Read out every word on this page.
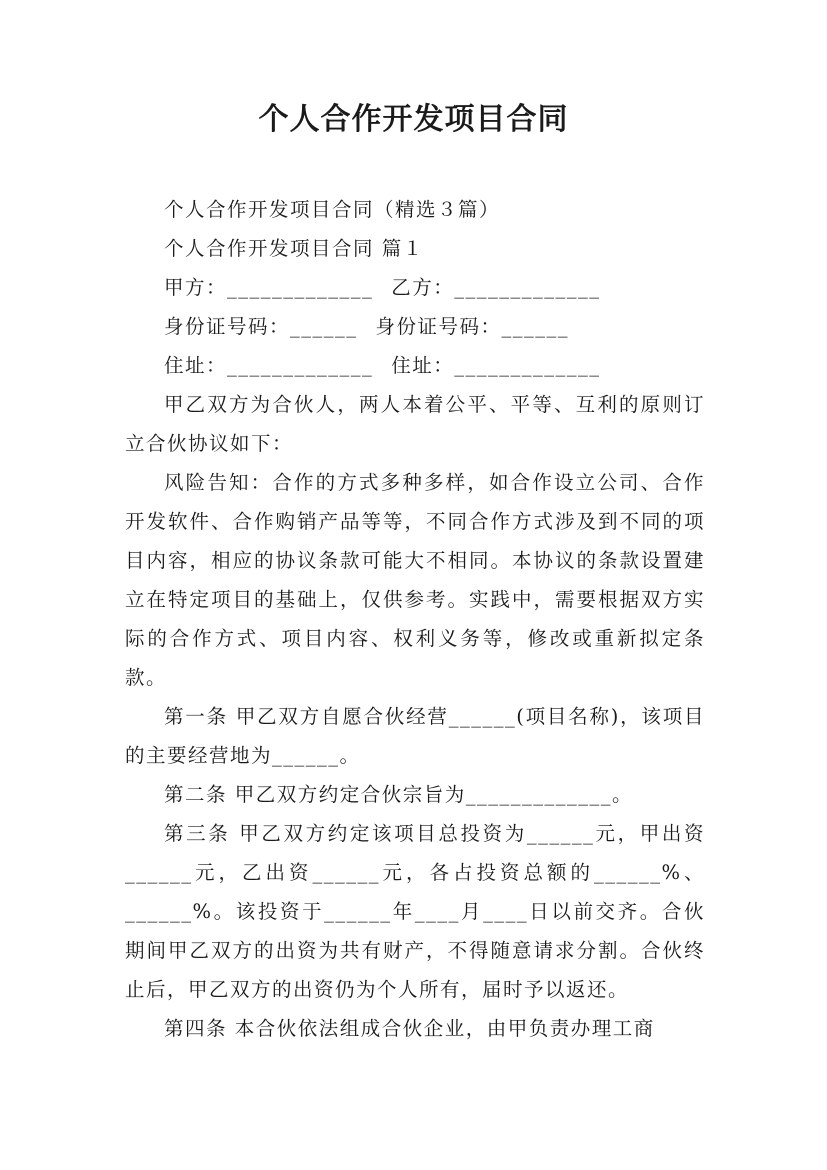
个人合作开发项目合同

个人合作开发项目合同（精选３篇）

个人合作开发项目合同 篇１

甲方：_____________ 乙方：_____________

身份证号码：______ 身份证号码：______

住址：_____________ 住址：_____________

甲乙双方为合伙人，两人本着公平、平等、互利的原则订立合伙协议如下：

风险告知：合作的方式多种多样，如合作设立公司、合作开发软件、合作购销产品等等，不同合作方式涉及到不同的项目内容，相应的协议条款可能大不相同。本协议的条款设置建立在特定项目的基础上，仅供参考。实践中，需要根据双方实际的合作方式、项目内容、权利义务等，修改或重新拟定条款。

第一条 甲乙双方自愿合伙经营______(项目名称)，该项目的主要经营地为______。

第二条 甲乙双方约定合伙宗旨为_____________。

第三条 甲乙双方约定该项目总投资为______元，甲出资______元，乙出资______元，各占投资总额的______%、______%。该投资于______年____月____日以前交齐。合伙期间甲乙双方的出资为共有财产，不得随意请求分割。合伙终止后，甲乙双方的出资仍为个人所有，届时予以返还。

第四条 本合伙依法组成合伙企业，由甲负责办理工商
